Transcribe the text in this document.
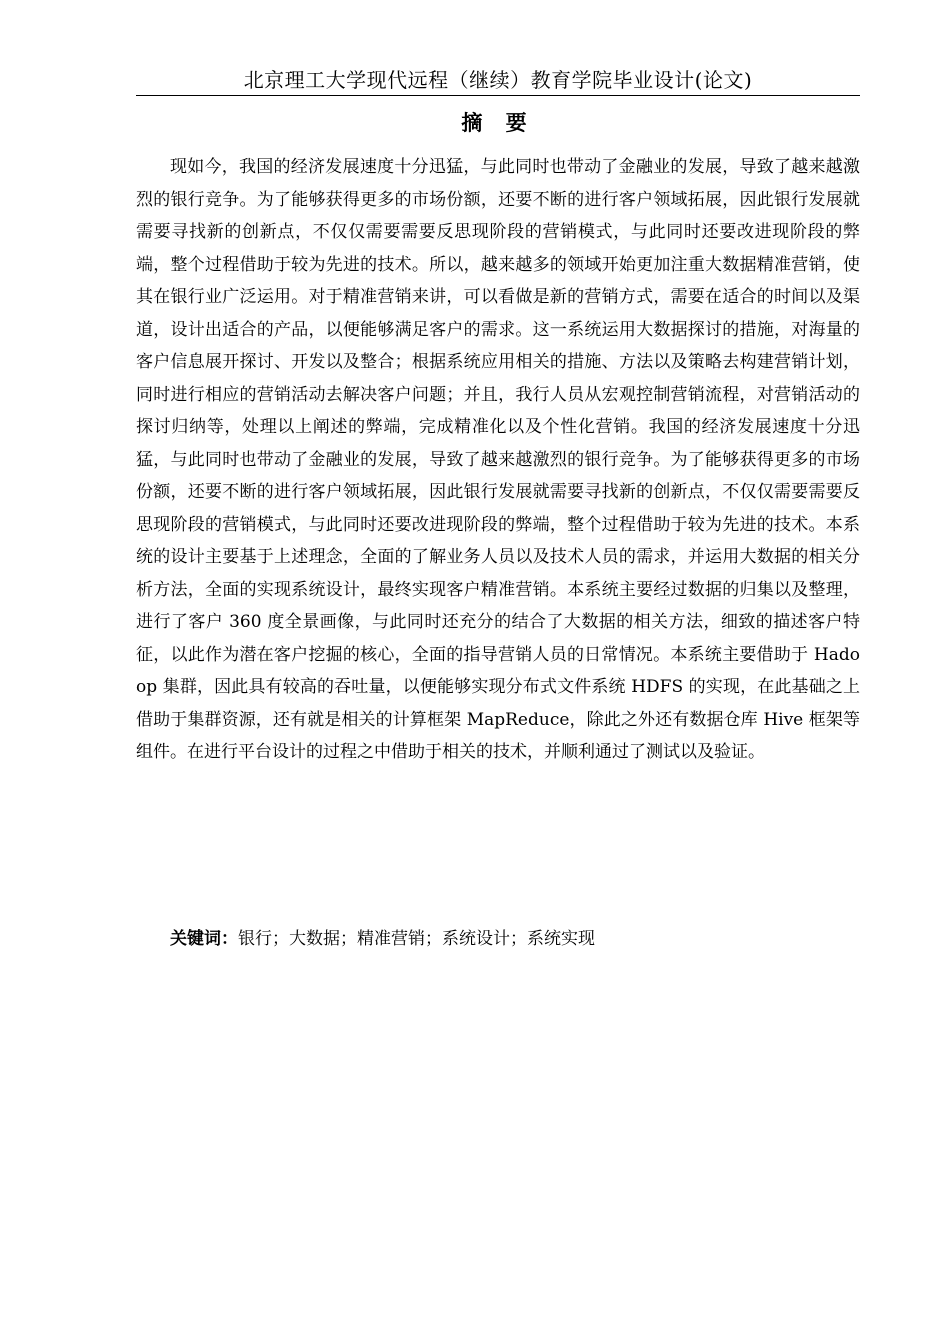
北京理工大学现代远程（继续）教育学院毕业设计(论文)
摘 要

现如今，我国的经济发展速度十分迅猛，与此同时也带动了金融业的发展，导致了越来越激烈的银行竞争。为了能够获得更多的市场份额，还要不断的进行客户领域拓展，因此银行发展就需要寻找新的创新点，不仅仅需要需要反思现阶段的营销模式，与此同时还要改进现阶段的弊端，整个过程借助于较为先进的技术。所以，越来越多的领域开始更加注重大数据精准营销，使其在银行业广泛运用。对于精准营销来讲，可以看做是新的营销方式，需要在适合的时间以及渠道，设计出适合的产品，以便能够满足客户的需求。这一系统运用大数据探讨的措施，对海量的客户信息展开探讨、开发以及整合；根据系统应用相关的措施、方法以及策略去构建营销计划，同时进行相应的营销活动去解决客户问题；并且，我行人员从宏观控制营销流程，对营销活动的探讨归纳等，处理以上阐述的弊端，完成精准化以及个性化营销。我国的经济发展速度十分迅猛，与此同时也带动了金融业的发展，导致了越来越激烈的银行竞争。为了能够获得更多的市场份额，还要不断的进行客户领域拓展，因此银行发展就需要寻找新的创新点，不仅仅需要需要反思现阶段的营销模式，与此同时还要改进现阶段的弊端，整个过程借助于较为先进的技术。本系统的设计主要基于上述理念，全面的了解业务人员以及技术人员的需求，并运用大数据的相关分析方法，全面的实现系统设计，最终实现客户精准营销。本系统主要经过数据的归集以及整理，进行了客户 360 度全景画像，与此同时还充分的结合了大数据的相关方法，细致的描述客户特征，以此作为潜在客户挖掘的核心，全面的指导营销人员的日常情况。本系统主要借助于 Hadoop 集群，因此具有较高的吞吐量，以便能够实现分布式文件系统 HDFS 的实现，在此基础之上借助于集群资源，还有就是相关的计算框架 MapReduce，除此之外还有数据仓库 Hive 框架等组件。在进行平台设计的过程之中借助于相关的技术，并顺利通过了测试以及验证。

关键词：银行；大数据；精准营销；系统设计；系统实现
